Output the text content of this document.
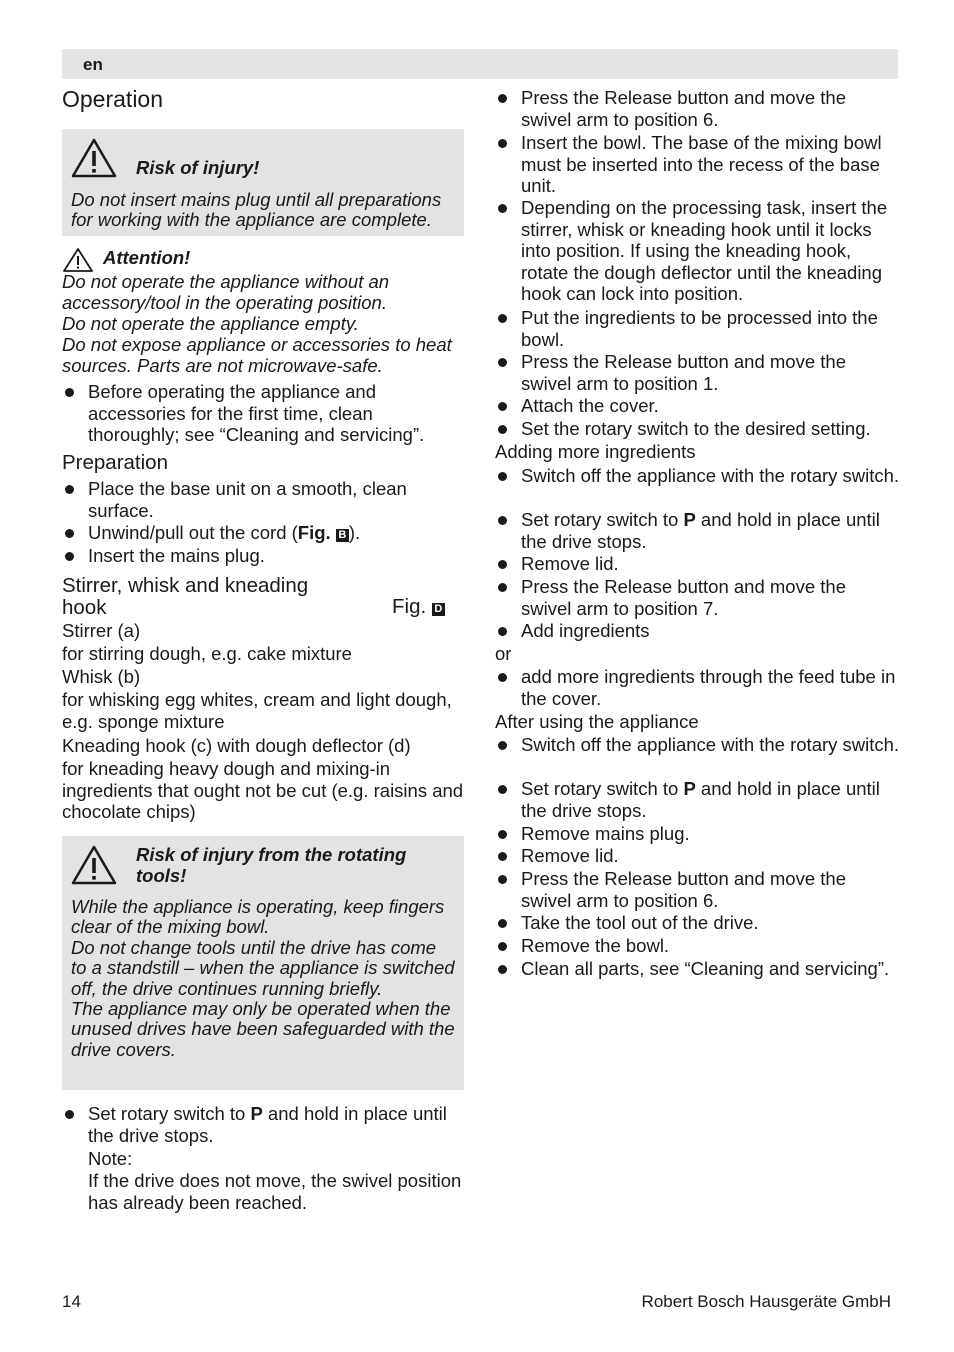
en
Operation
Risk of injury!
Do not insert mains plug until all preparations for working with the appliance are complete.
Attention!
Do not operate the appliance without an accessory/tool in the operating position.
Do not operate the appliance empty.
Do not expose appliance or accessories to heat sources. Parts are not microwave-safe.
Before operating the appliance and accessories for the first time, clean thoroughly; see “Cleaning and servicing”.
Preparation
Place the base unit on a smooth, clean surface.
Unwind/pull out the cord (Fig. B ).
Insert the mains plug.
Stirrer, whisk and kneading
hook	Fig. D
Stirrer (a)
for stirring dough, e.g. cake mixture
Whisk (b)
for whisking egg whites, cream and light dough, e.g. sponge mixture
Kneading hook (c) with dough deflector (d)
for kneading heavy dough and mixing-in ingredients that ought not be cut (e.g. raisins and chocolate chips)
Risk of injury from the rotating tools!
While the appliance is operating, keep fingers clear of the mixing bowl.
Do not change tools until the drive has come to a standstill – when the appliance is switched off, the drive continues running briefly.
The appliance may only be operated when the unused drives have been safeguarded with the drive covers.
Set rotary switch to P and hold in place until the drive stops.
Note:
If the drive does not move, the swivel position has already been reached.
Press the Release button and move the swivel arm to position 6.
Insert the bowl. The base of the mixing bowl must be inserted into the recess of the base unit.
Depending on the processing task, insert the stirrer, whisk or kneading hook until it locks into position. If using the kneading hook, rotate the dough deflector until the kneading hook can lock into position.
Put the ingredients to be processed into the bowl.
Press the Release button and move the swivel arm to position 1.
Attach the cover.
Set the rotary switch to the desired setting.
Adding more ingredients
Switch off the appliance with the rotary switch.
Set rotary switch to P and hold in place until the drive stops.
Remove lid.
Press the Release button and move the swivel arm to position 7.
Add ingredients
or
add more ingredients through the feed tube in the cover.
After using the appliance
Switch off the appliance with the rotary switch.
Set rotary switch to P and hold in place until the drive stops.
Remove mains plug.
Remove lid.
Press the Release button and move the swivel arm to position 6.
Take the tool out of the drive.
Remove the bowl.
Clean all parts, see “Cleaning and servicing”.
14	Robert Bosch Hausgeräte GmbH
